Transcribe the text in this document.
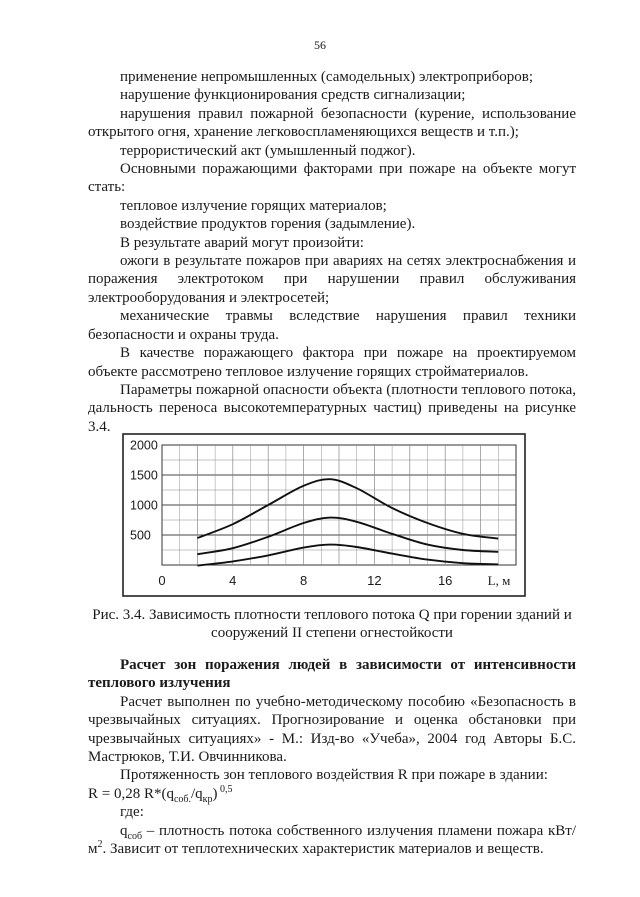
56

применение непромышленных (самодельных) электроприборов;

нарушение функционирования средств сигнализации;

нарушения правил пожарной безопасности (курение, использование открытого огня, хранение легковоспламеняющихся веществ и т.п.);

террористический акт (умышленный поджог).

Основными поражающими факторами при пожаре на объекте могут стать:

тепловое излучение горящих материалов;

воздействие продуктов горения (задымление).

В результате аварий могут произойти:

ожоги в результате пожаров при авариях на сетях электроснабжения и поражения электротоком при нарушении правил обслуживания электрооборудования и электросетей;

механические травмы вследствие нарушения правил техники безопасности и охраны труда.

В качестве поражающего фактора при пожаре на проектируемом объекте рассмотрено тепловое излучение горящих стройматериалов.

Параметры пожарной опасности объекта (плотности теплового потока, дальность переноса высокотемпературных частиц) приведены на рисунке 3.4.

500
1000
1500
2000
0	4	8	12	16	L, м
Рис. 3.4. Зависимость плотности теплового потока Q при горении зданий и сооружений II степени огнестойкости

Расчет зон поражения людей в зависимости от интенсивности теплового излучения

Расчет выполнен по учебно-методическому пособию «Безопасность в чрезвычайных ситуациях. Прогнозирование и оценка обстановки при чрезвычайных ситуациях» - М.: Изд-во «Учеба», 2004 год Авторы Б.С. Мастрюков, Т.И. Овчинникова.

Протяженность зон теплового воздействия R при пожаре в здании:

R = 0,28 $R*(q_{соб.}/q_{кр})$ $^{0,5}$

где:

$q_{соб}$ – плотность потока собственного излучения пламени пожара кВт/$м^2$. Зависит от теплотехнических характеристик материалов и веществ.
